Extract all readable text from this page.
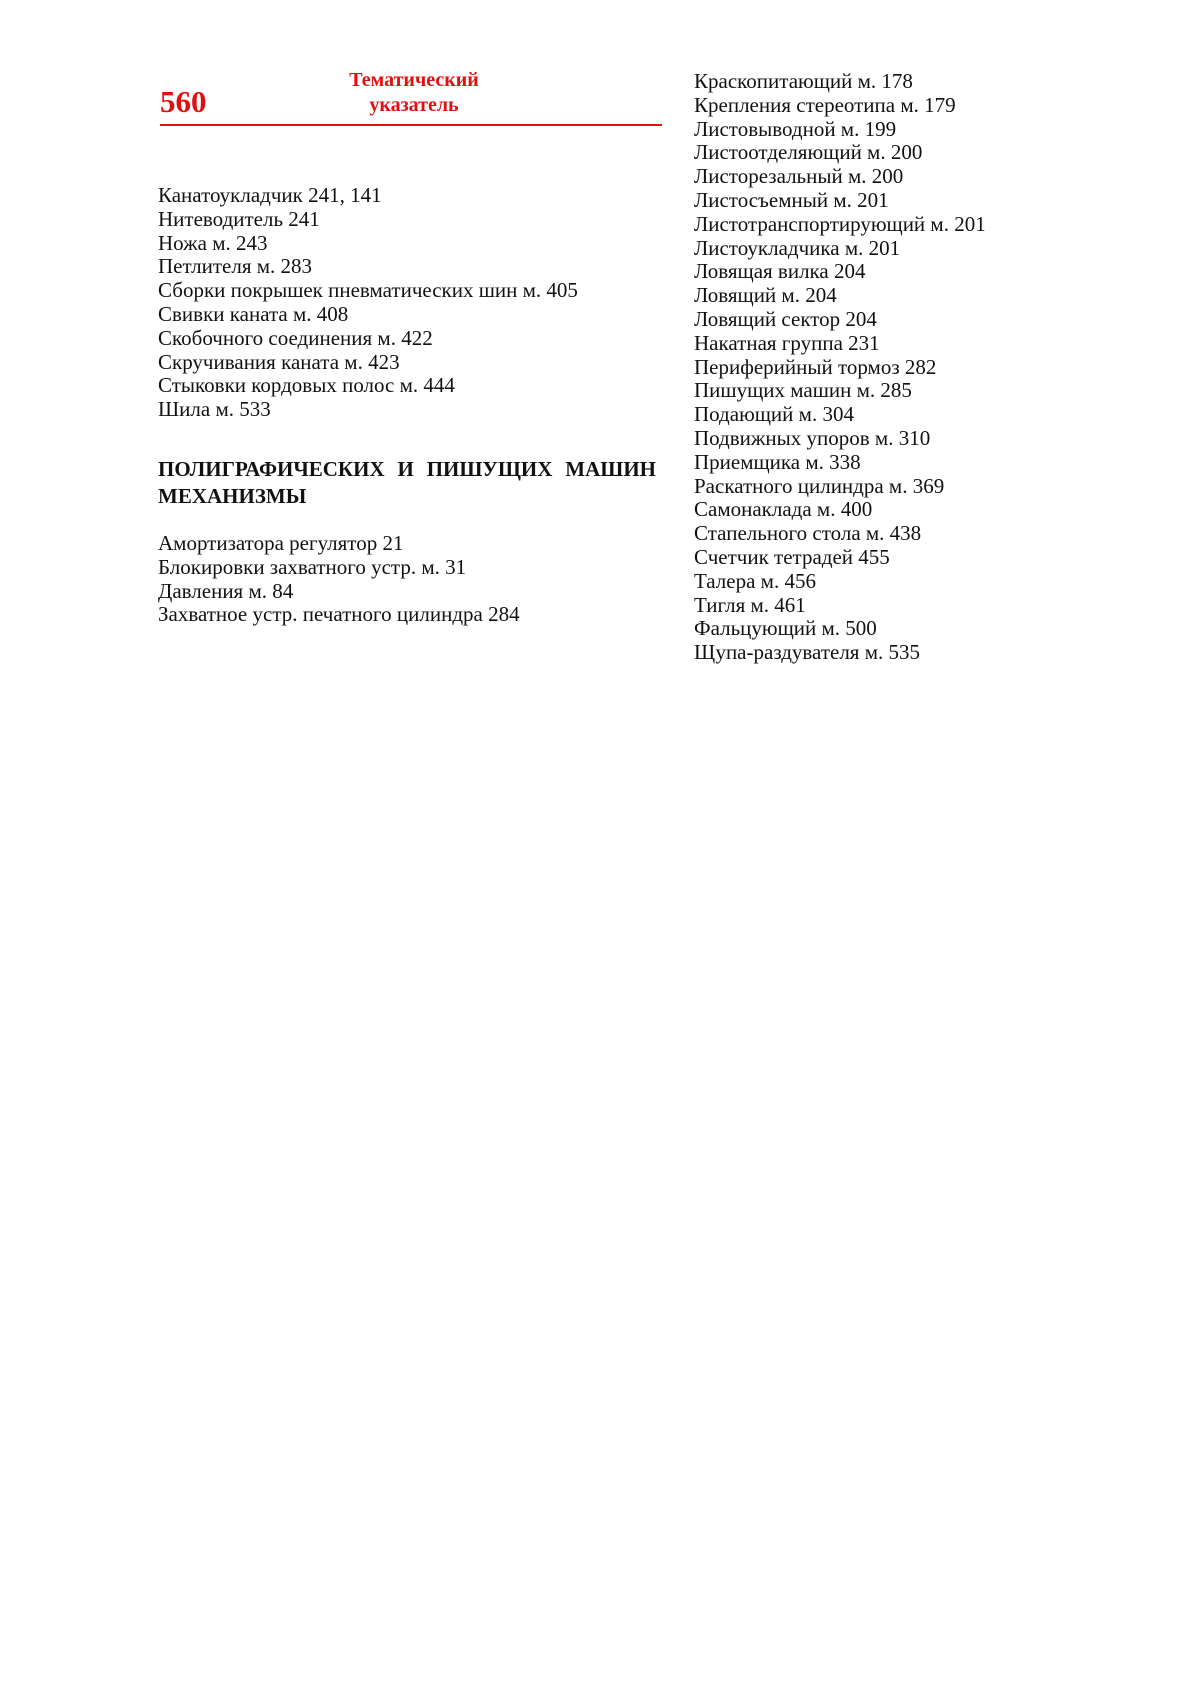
560
Тематический
указатель

Канатоукладчик 241, 141

Нитеводитель 241

Ножа м. 243

Петлителя м. 283

Сборки покрышек пневматических шин м. 405

Свивки каната м. 408

Скобочного соединения м. 422

Скручивания каната м. 423

Стыковки кордовых полос м. 444

Шила м. 533

ПОЛИГРАФИЧЕСКИХ И ПИШУЩИХ МАШИН МЕХАНИЗМЫ

Амортизатора регулятор 21

Блокировки захватного устр. м. 31

Давления м. 84

Захватное устр. печатного цилиндра 284

Краскопитающий м. 178

Крепления стереотипа м. 179

Листовыводной м. 199

Листоотделяющий м. 200

Листорезальный м. 200

Листосъемный м. 201

Листотранспортирующий м. 201

Листоукладчика м. 201

Ловящая вилка 204

Ловящий м. 204

Ловящий сектор 204

Накатная группа 231

Периферийный тормоз 282

Пишущих машин м. 285

Подающий м. 304

Подвижных упоров м. 310

Приемщика м. 338

Раскатного цилиндра м. 369

Самонаклада м. 400

Стапельного стола м. 438

Счетчик тетрадей 455

Талера м. 456

Тигля м. 461

Фальцующий м. 500

Щупа-раздувателя м. 535
